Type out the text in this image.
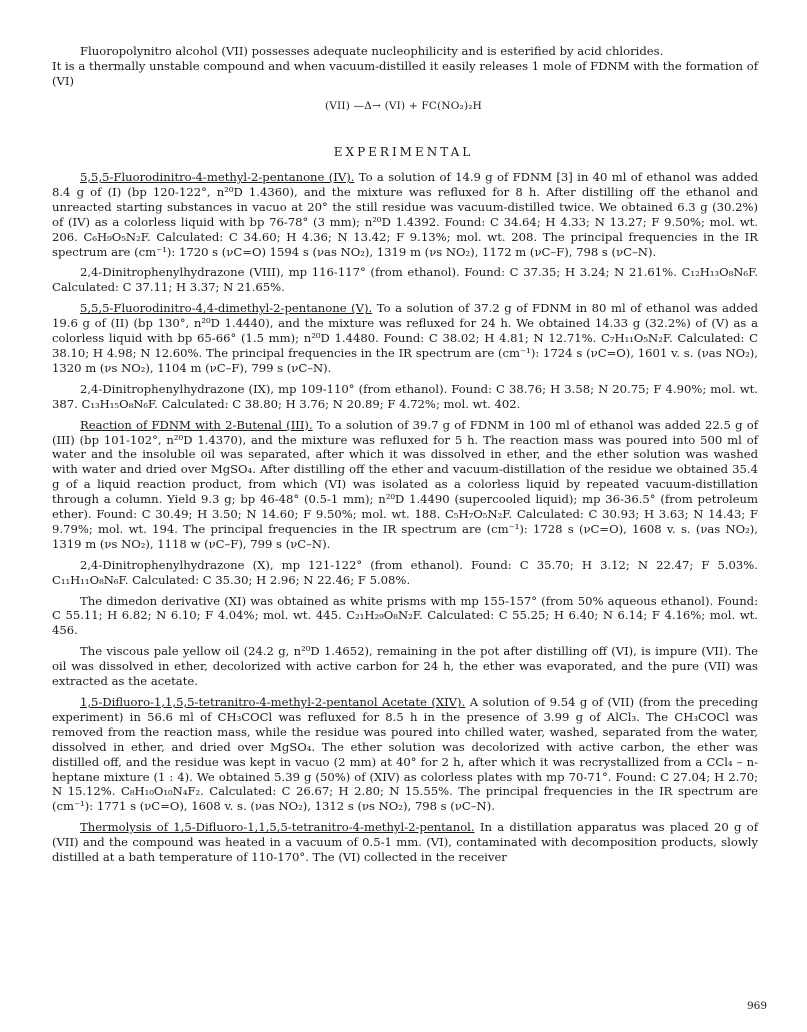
Fluoropolynitro alcohol (VII) possesses adequate nucleophilicity and is esterified by acid chlorides.

It is a thermally unstable compound and when vacuum-distilled it easily releases 1 mole of FDNM with the formation of (VI)

(VII) —Δ→ (VI) + FC(NO₂)₂H
EXPERIMENTAL

5,5,5-Fluorodinitro-4-methyl-2-pentanone (IV). To a solution of 14.9 g of FDNM [3] in 40 ml of ethanol was added 8.4 g of (I) (bp 120-122°, n²⁰D 1.4360), and the mixture was refluxed for 8 h. After distilling off the ethanol and unreacted starting substances in vacuo at 20° the still residue was vacuum-distilled twice. We obtained 6.3 g (30.2%) of (IV) as a colorless liquid with bp 76-78° (3 mm); n²⁰D 1.4392. Found: C 34.64; H 4.33; N 13.27; F 9.50%; mol. wt. 206. C₆H₉O₅N₂F. Calculated: C 34.60; H 4.36; N 13.42; F 9.13%; mol. wt. 208. The principal frequencies in the IR spectrum are (cm⁻¹): 1720 s (νC=O) 1594 s (νas NO₂), 1319 m (νs NO₂), 1172 m (νC–F), 798 s (νC–N).

2,4-Dinitrophenylhydrazone (VIII), mp 116-117° (from ethanol). Found: C 37.35; H 3.24; N 21.61%. C₁₂H₁₃O₈N₆F. Calculated: C 37.11; H 3.37; N 21.65%.

5,5,5-Fluorodinitro-4,4-dimethyl-2-pentanone (V). To a solution of 37.2 g of FDNM in 80 ml of ethanol was added 19.6 g of (II) (bp 130°, n²⁰D 1.4440), and the mixture was refluxed for 24 h. We obtained 14.33 g (32.2%) of (V) as a colorless liquid with bp 65-66° (1.5 mm); n²⁰D 1.4480. Found: C 38.02; H 4.81; N 12.71%. C₇H₁₁O₅N₂F. Calculated: C 38.10; H 4.98; N 12.60%. The principal frequencies in the IR spectrum are (cm⁻¹): 1724 s (νC=O), 1601 v. s. (νas NO₂), 1320 m (νs NO₂), 1104 m (νC–F), 799 s (νC–N).

2,4-Dinitrophenylhydrazone (IX), mp 109-110° (from ethanol). Found: C 38.76; H 3.58; N 20.75; F 4.90%; mol. wt. 387. C₁₃H₁₅O₈N₆F. Calculated: C 38.80; H 3.76; N 20.89; F 4.72%; mol. wt. 402.

Reaction of FDNM with 2-Butenal (III). To a solution of 39.7 g of FDNM in 100 ml of ethanol was added 22.5 g of (III) (bp 101-102°, n²⁰D 1.4370), and the mixture was refluxed for 5 h. The reaction mass was poured into 500 ml of water and the insoluble oil was separated, after which it was dissolved in ether, and the ether solution was washed with water and dried over MgSO₄. After distilling off the ether and vacuum-distillation of the residue we obtained 35.4 g of a liquid reaction product, from which (VI) was isolated as a colorless liquid by repeated vacuum-distillation through a column. Yield 9.3 g; bp 46-48° (0.5-1 mm); n²⁰D 1.4490 (supercooled liquid); mp 36-36.5° (from petroleum ether). Found: C 30.49; H 3.50; N 14.60; F 9.50%; mol. wt. 188. C₅H₇O₅N₂F. Calculated: C 30.93; H 3.63; N 14.43; F 9.79%; mol. wt. 194. The principal frequencies in the IR spectrum are (cm⁻¹): 1728 s (νC=O), 1608 v. s. (νas NO₂), 1319 m (νs NO₂), 1118 w (νC–F), 799 s (νC–N).

2,4-Dinitrophenylhydrazone (X), mp 121-122° (from ethanol). Found: C 35.70; H 3.12; N 22.47; F 5.03%. C₁₁H₁₁O₈N₆F. Calculated: C 35.30; H 2.96; N 22.46; F 5.08%.

The dimedon derivative (XI) was obtained as white prisms with mp 155-157° (from 50% aqueous ethanol). Found: C 55.11; H 6.82; N 6.10; F 4.04%; mol. wt. 445. C₂₁H₂₉O₈N₂F. Calculated: C 55.25; H 6.40; N 6.14; F 4.16%; mol. wt. 456.

The viscous pale yellow oil (24.2 g, n²⁰D 1.4652), remaining in the pot after distilling off (VI), is impure (VII). The oil was dissolved in ether, decolorized with active carbon for 24 h, the ether was evaporated, and the pure (VII) was extracted as the acetate.

1,5-Difluoro-1,1,5,5-tetranitro-4-methyl-2-pentanol Acetate (XIV). A solution of 9.54 g of (VII) (from the preceding experiment) in 56.6 ml of CH₃COCl was refluxed for 8.5 h in the presence of 3.99 g of AlCl₃. The CH₃COCl was removed from the reaction mass, while the residue was poured into chilled water, washed, separated from the water, dissolved in ether, and dried over MgSO₄. The ether solution was decolorized with active carbon, the ether was distilled off, and the residue was kept in vacuo (2 mm) at 40° for 2 h, after which it was recrystallized from a CCl₄ – n-heptane mixture (1 : 4). We obtained 5.39 g (50%) of (XIV) as colorless plates with mp 70-71°. Found: C 27.04; H 2.70; N 15.12%. C₈H₁₀O₁₀N₄F₂. Calculated: C 26.67; H 2.80; N 15.55%. The principal frequencies in the IR spectrum are (cm⁻¹): 1771 s (νC=O), 1608 v. s. (νas NO₂), 1312 s (νs NO₂), 798 s (νC–N).

Thermolysis of 1,5-Difluoro-1,1,5,5-tetranitro-4-methyl-2-pentanol. In a distillation apparatus was placed 20 g of (VII) and the compound was heated in a vacuum of 0.5-1 mm. (VI), contaminated with decomposition products, slowly distilled at a bath temperature of 110-170°. The (VI) collected in the receiver

969
